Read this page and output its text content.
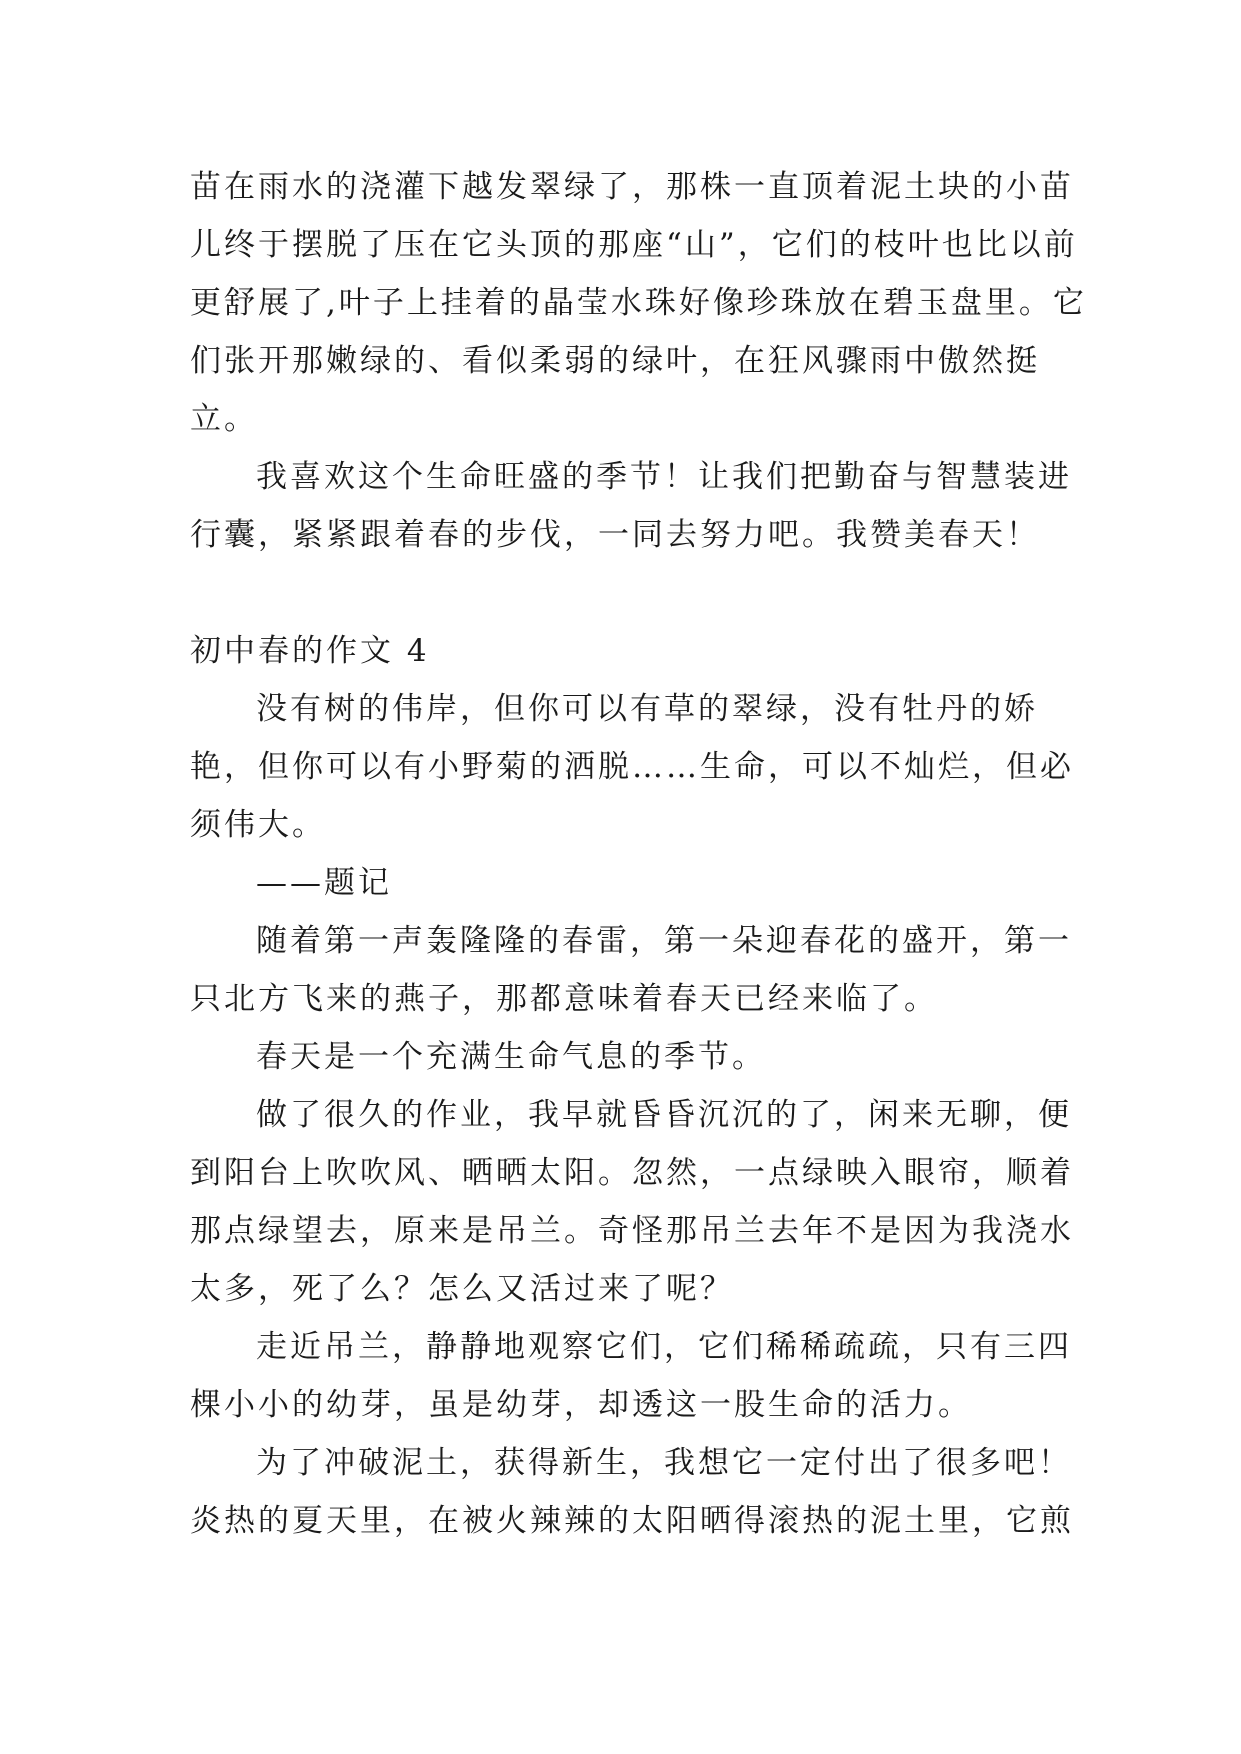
苗在雨水的浇灌下越发翠绿了，那株一直顶着泥土块的小苗儿终于摆脱了压在它头顶的那座“山”，它们的枝叶也比以前更舒展了,叶子上挂着的晶莹水珠好像珍珠放在碧玉盘里。它们张开那嫩绿的、看似柔弱的绿叶，在狂风骤雨中傲然挺立。

我喜欢这个生命旺盛的季节！让我们把勤奋与智慧装进行囊，紧紧跟着春的步伐，一同去努力吧。我赞美春天！

初中春的作文 4

没有树的伟岸，但你可以有草的翠绿，没有牡丹的娇艳，但你可以有小野菊的洒脱……生命，可以不灿烂，但必须伟大。

——题记

随着第一声轰隆隆的春雷，第一朵迎春花的盛开，第一只北方飞来的燕子，那都意味着春天已经来临了。

春天是一个充满生命气息的季节。

做了很久的作业，我早就昏昏沉沉的了，闲来无聊，便到阳台上吹吹风、晒晒太阳。忽然，一点绿映入眼帘，顺着那点绿望去，原来是吊兰。奇怪那吊兰去年不是因为我浇水太多，死了么？怎么又活过来了呢？

走近吊兰，静静地观察它们，它们稀稀疏疏，只有三四棵小小的幼芽，虽是幼芽，却透这一股生命的活力。

为了冲破泥土，获得新生，我想它一定付出了很多吧！炎热的夏天里，在被火辣辣的太阳晒得滚热的泥土里，它煎
